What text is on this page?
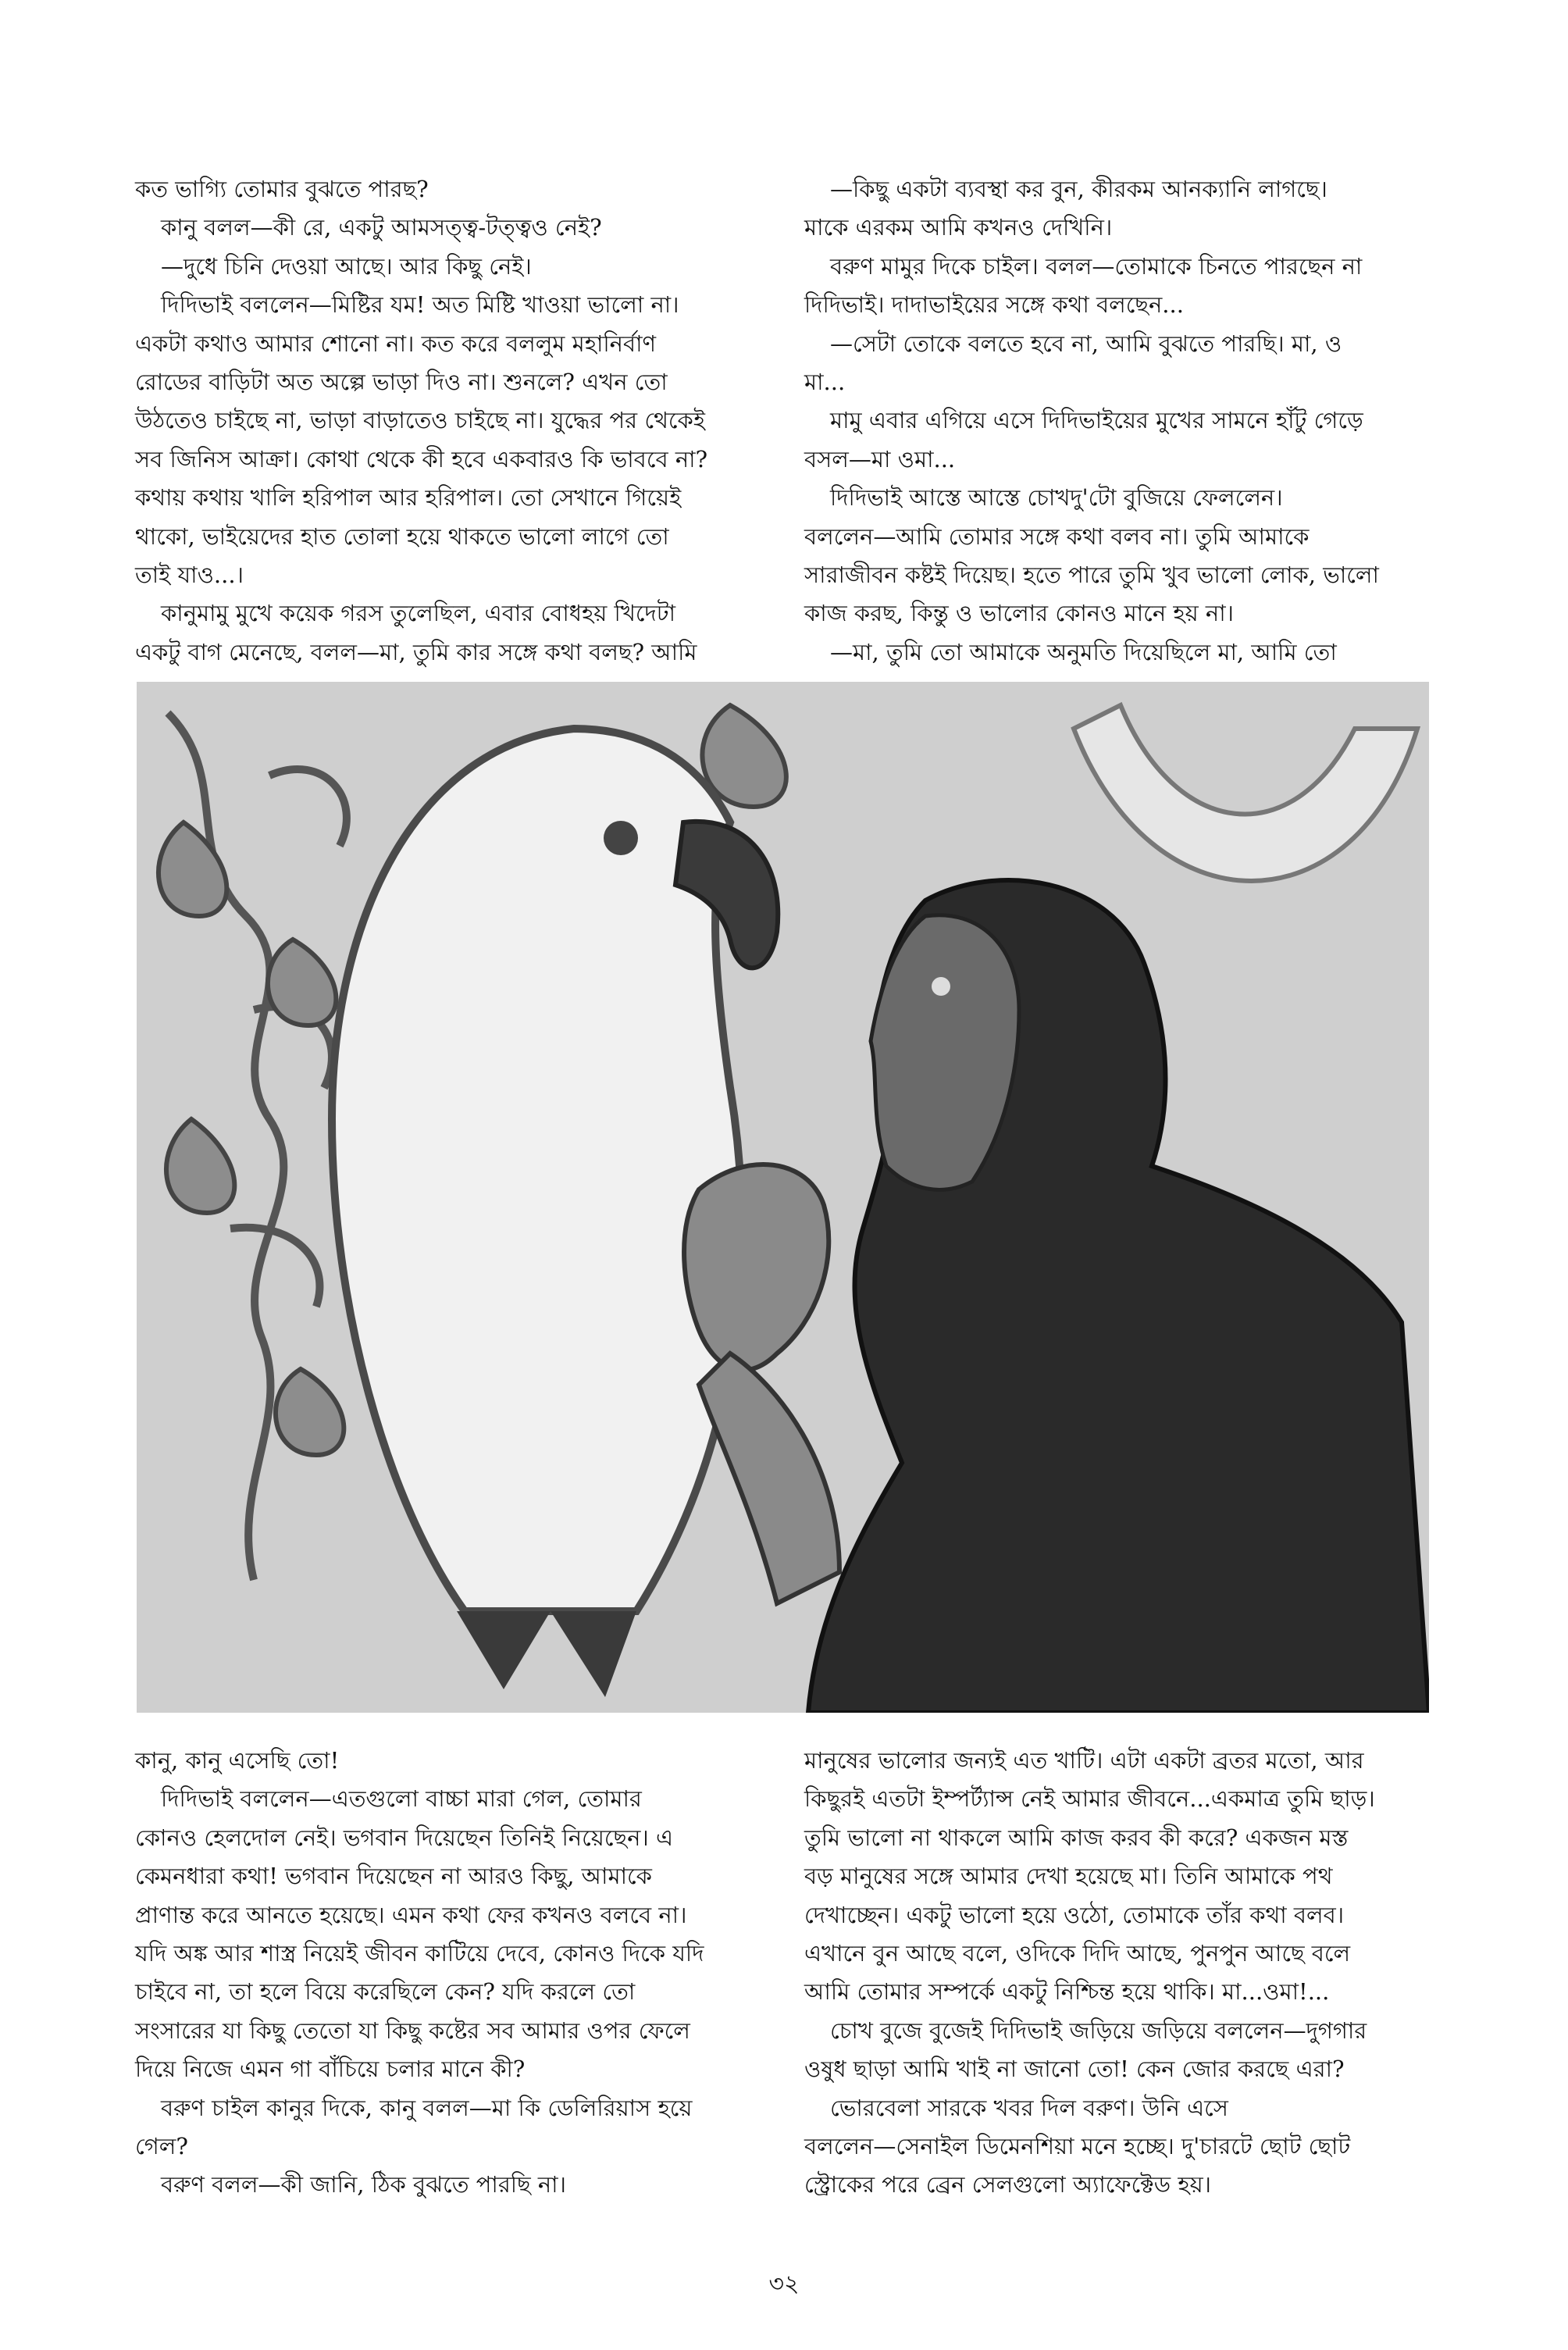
কত ভাগ্যি তোমার বুঝতে পারছ?

কানু বলল—কী রে, একটু আমসত্ত্ব-টত্ত্বও নেই?

—দুধে চিনি দেওয়া আছে। আর কিছু নেই।

দিদিভাই বললেন—মিষ্টির যম! অত মিষ্টি খাওয়া ভালো না।

একটা কথাও আমার শোনো না। কত করে বললুম মহানির্বাণ

রোডের বাড়িটা অত অল্পে ভাড়া দিও না। শুনলে? এখন তো

উঠতেও চাইছে না, ভাড়া বাড়াতেও চাইছে না। যুদ্ধের পর থেকেই

সব জিনিস আক্রা। কোথা থেকে কী হবে একবারও কি ভাববে না?

কথায় কথায় খালি হরিপাল আর হরিপাল। তো সেখানে গিয়েই

থাকো, ভাইয়েদের হাত তোলা হয়ে থাকতে ভালো লাগে তো

তাই যাও...।

কানুমামু মুখে কয়েক গরস তুলেছিল, এবার বোধহয় খিদেটা

একটু বাগ মেনেছে, বলল—মা, তুমি কার সঙ্গে কথা বলছ? আমি

—কিছু একটা ব্যবস্থা কর বুন, কীরকম আনক্যানি লাগছে।

মাকে এরকম আমি কখনও দেখিনি।

বরুণ মামুর দিকে চাইল। বলল—তোমাকে চিনতে পারছেন না

দিদিভাই। দাদাভাইয়ের সঙ্গে কথা বলছেন...

—সেটা তোকে বলতে হবে না, আমি বুঝতে পারছি। মা, ও

মা...

মামু এবার এগিয়ে এসে দিদিভাইয়ের মুখের সামনে হাঁটু গেড়ে

বসল—মা ওমা...

দিদিভাই আস্তে আস্তে চোখদু'টো বুজিয়ে ফেললেন।

বললেন—আমি তোমার সঙ্গে কথা বলব না। তুমি আমাকে

সারাজীবন কষ্টই দিয়েছ। হতে পারে তুমি খুব ভালো লোক, ভালো

কাজ করছ, কিন্তু ও ভালোর কোনও মানে হয় না।

—মা, তুমি তো আমাকে অনুমতি দিয়েছিলে মা, আমি তো

কানু, কানু এসেছি তো!

দিদিভাই বললেন—এতগুলো বাচ্চা মারা গেল, তোমার

কোনও হেলদোল নেই। ভগবান দিয়েছেন তিনিই নিয়েছেন। এ

কেমনধারা কথা! ভগবান দিয়েছেন না আরও কিছু, আমাকে

প্রাণান্ত করে আনতে হয়েছে। এমন কথা ফের কখনও বলবে না।

যদি অঙ্ক আর শাস্ত্র নিয়েই জীবন কাটিয়ে দেবে, কোনও দিকে যদি

চাইবে না, তা হলে বিয়ে করেছিলে কেন? যদি করলে তো

সংসারের যা কিছু তেতো যা কিছু কষ্টের সব আমার ওপর ফেলে

দিয়ে নিজে এমন গা বাঁচিয়ে চলার মানে কী?

বরুণ চাইল কানুর দিকে, কানু বলল—মা কি ডেলিরিয়াস হয়ে

গেল?

বরুণ বলল—কী জানি, ঠিক বুঝতে পারছি না।

মানুষের ভালোর জন্যই এত খাটি। এটা একটা ব্রতর মতো, আর

কিছুরই এতটা ইম্পর্ট্যান্স নেই আমার জীবনে...একমাত্র তুমি ছাড়।

তুমি ভালো না থাকলে আমি কাজ করব কী করে? একজন মস্ত

বড় মানুষের সঙ্গে আমার দেখা হয়েছে মা। তিনি আমাকে পথ

দেখাচ্ছেন। একটু ভালো হয়ে ওঠো, তোমাকে তাঁর কথা বলব।

এখানে বুন আছে বলে, ওদিকে দিদি আছে, পুনপুন আছে বলে

আমি তোমার সম্পর্কে একটু নিশ্চিন্ত হয়ে থাকি। মা...ওমা!...

চোখ বুজে বুজেই দিদিভাই জড়িয়ে জড়িয়ে বললেন—দুগগার

ওষুধ ছাড়া আমি খাই না জানো তো! কেন জোর করছে এরা?

ভোরবেলা সারকে খবর দিল বরুণ। উনি এসে

বললেন—সেনাইল ডিমেনশিয়া মনে হচ্ছে। দু'চারটে ছোট ছোট

স্ট্রোকের পরে ব্রেন সেলগুলো অ্যাফেক্টেড হয়।

৩২
